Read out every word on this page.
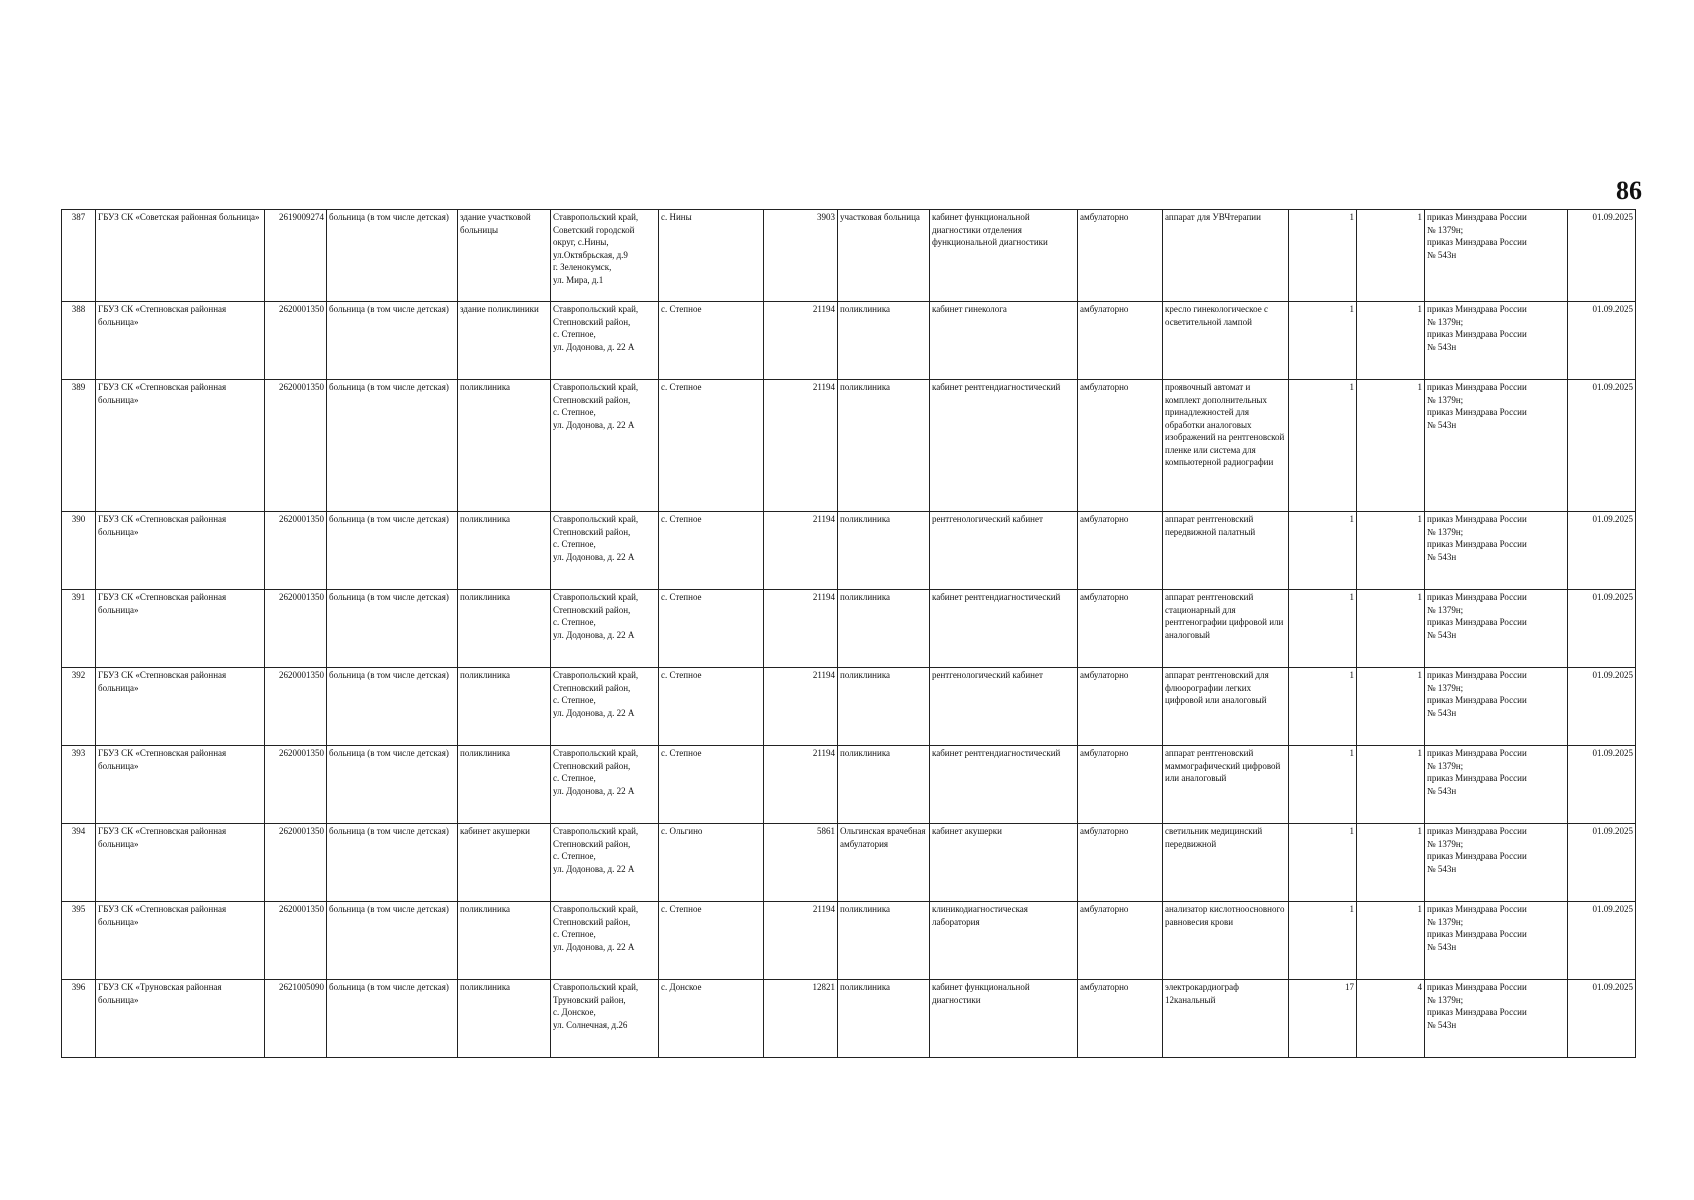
86
387	ГБУЗ СК «Советская районная больница»	2619009274	больница (в том числе детская)	здание участковой больницы	Ставропольский край,
Советский городской округ, с.Нины,
ул.Октябрьская, д.9
г. Зеленокумск,
ул. Мира, д.1	с. Нины	3903	участковая больница	кабинет функциональной диагностики отделения функциональной диагностики	амбулаторно	аппарат для УВЧтерапии	1	1	приказ Минздрава России
№ 1379н;
приказ Минздрава России
№ 543н	01.09.2025
388	ГБУЗ СК «Степновская районная больница»	2620001350	больница (в том числе детская)	здание поликлиники	Ставропольский край,
Степновский район,
с. Степное,
ул. Додонова, д. 22 А	с. Степное	21194	поликлиника	кабинет гинеколога	амбулаторно	кресло гинекологическое с осветительной лампой	1	1	приказ Минздрава России
№ 1379н;
приказ Минздрава России
№ 543н	01.09.2025
389	ГБУЗ СК «Степновская районная больница»	2620001350	больница (в том числе детская)	поликлиника	Ставропольский край,
Степновский район,
с. Степное,
ул. Додонова, д. 22 А	с. Степное	21194	поликлиника	кабинет рентгендиагностический	амбулаторно	проявочный автомат и комплект дополнительных принадлежностей для обработки аналоговых изображений на рентгеновской пленке или система для компьютерной радиографии	1	1	приказ Минздрава России
№ 1379н;
приказ Минздрава России
№ 543н	01.09.2025
390	ГБУЗ СК «Степновская районная больница»	2620001350	больница (в том числе детская)	поликлиника	Ставропольский край,
Степновский район,
с. Степное,
ул. Додонова, д. 22 А	с. Степное	21194	поликлиника	рентгенологический кабинет	амбулаторно	аппарат рентгеновский передвижной палатный	1	1	приказ Минздрава России
№ 1379н;
приказ Минздрава России
№ 543н	01.09.2025
391	ГБУЗ СК «Степновская районная больница»	2620001350	больница (в том числе детская)	поликлиника	Ставропольский край,
Степновский район,
с. Степное,
ул. Додонова, д. 22 А	с. Степное	21194	поликлиника	кабинет рентгендиагностический	амбулаторно	аппарат рентгеновский стационарный для рентгенографии цифровой или аналоговый	1	1	приказ Минздрава России
№ 1379н;
приказ Минздрава России
№ 543н	01.09.2025
392	ГБУЗ СК «Степновская районная больница»	2620001350	больница (в том числе детская)	поликлиника	Ставропольский край,
Степновский район,
с. Степное,
ул. Додонова, д. 22 А	с. Степное	21194	поликлиника	рентгенологический кабинет	амбулаторно	аппарат рентгеновский для флюорографии легких цифровой или аналоговый	1	1	приказ Минздрава России
№ 1379н;
приказ Минздрава России
№ 543н	01.09.2025
393	ГБУЗ СК «Степновская районная больница»	2620001350	больница (в том числе детская)	поликлиника	Ставропольский край,
Степновский район,
с. Степное,
ул. Додонова, д. 22 А	с. Степное	21194	поликлиника	кабинет рентгендиагностический	амбулаторно	аппарат рентгеновский маммографический цифровой или аналоговый	1	1	приказ Минздрава России
№ 1379н;
приказ Минздрава России
№ 543н	01.09.2025
394	ГБУЗ СК «Степновская районная больница»	2620001350	больница (в том числе детская)	кабинет акушерки	Ставропольский край,
Степновский район,
с. Степное,
ул. Додонова, д. 22 А	с. Ольгино	5861	Ольгинская врачебная амбулатория	кабинет акушерки	амбулаторно	светильник медицинский передвижной	1	1	приказ Минздрава России
№ 1379н;
приказ Минздрава России
№ 543н	01.09.2025
395	ГБУЗ СК «Степновская районная больница»	2620001350	больница (в том числе детская)	поликлиника	Ставропольский край,
Степновский район,
с. Степное,
ул. Додонова, д. 22 А	с. Степное	21194	поликлиника	клиникодиагностическая лаборатория	амбулаторно	анализатор кислотноосновного равновесия крови	1	1	приказ Минздрава России
№ 1379н;
приказ Минздрава России
№ 543н	01.09.2025
396	ГБУЗ СК «Труновская районная больница»	2621005090	больница (в том числе детская)	поликлиника	Ставропольский край,
Труновский район,
с. Донское,
ул. Солнечная, д.26	с. Донское	12821	поликлиника	кабинет функциональной диагностики	амбулаторно	электрокардиограф 12канальный	17	4	приказ Минздрава России
№ 1379н;
приказ Минздрава России
№ 543н	01.09.2025
